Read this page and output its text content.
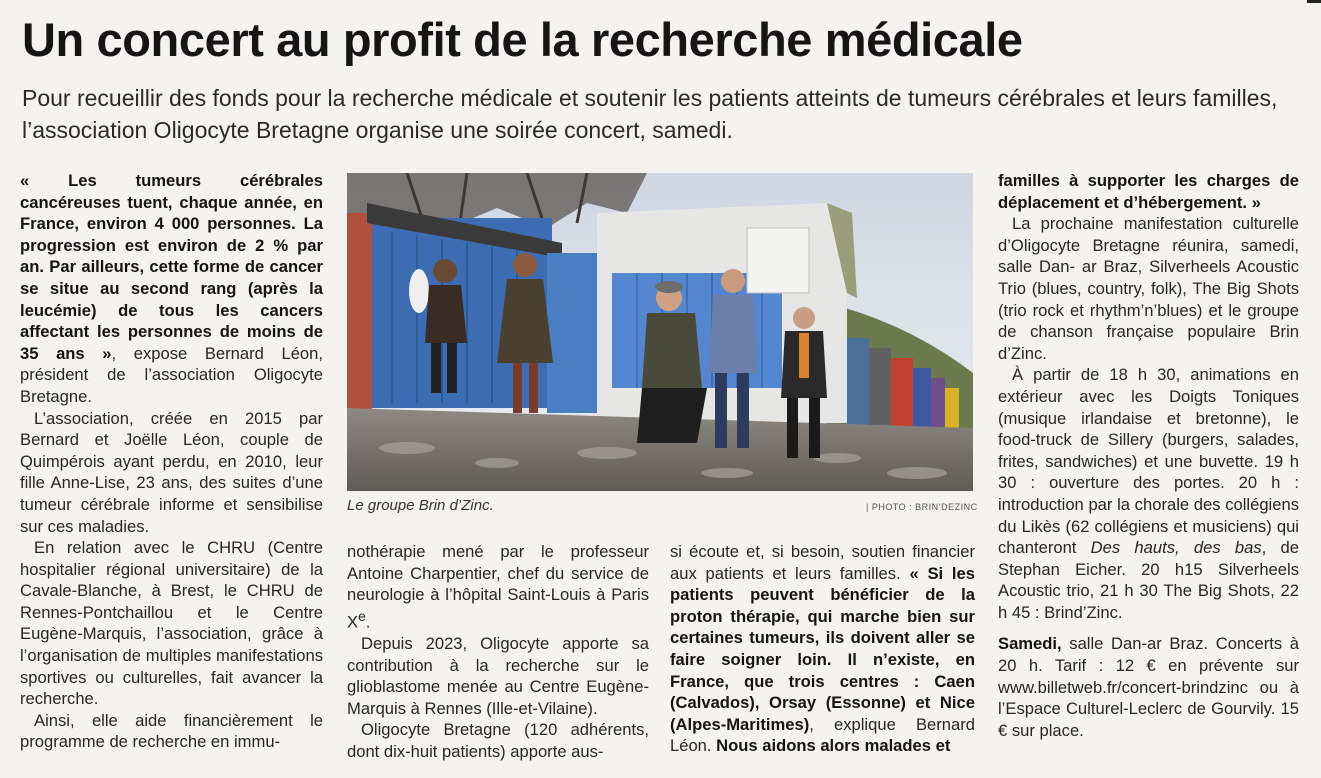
Un concert au profit de la recherche médicale

Pour recueillir des fonds pour la recherche médicale et soutenir les patients atteints de tumeurs cérébrales et leurs familles, l’association Oligocyte Bretagne organise une soirée concert, samedi.

« Les tumeurs cérébrales cancéreuses tuent, chaque année, en France, environ 4 000 personnes. La progression est environ de 2 % par an. Par ailleurs, cette forme de cancer se situe au second rang (après la leucémie) de tous les cancers affectant les personnes de moins de 35 ans », expose Bernard Léon, président de l’association Oligocyte Bretagne.

L’association, créée en 2015 par Bernard et Joëlle Léon, couple de Quimpérois ayant perdu, en 2010, leur fille Anne-Lise, 23 ans, des suites d’une tumeur cérébrale informe et sensibilise sur ces maladies.

En relation avec le CHRU (Centre hospitalier régional universitaire) de la Cavale-Blanche, à Brest, le CHRU de Rennes-Pontchaillou et le Centre Eugène-Marquis, l’association, grâce à l’organisation de multiples manifestations sportives ou culturelles, fait avancer la recherche.

Ainsi, elle aide financièrement le programme de recherche en immu-

Le groupe Brin d’Zinc.	| PHOTO : BRIN’DEZINC

nothérapie mené par le professeur Antoine Charpentier, chef du service de neurologie à l’hôpital Saint-Louis à Paris Xe.

Depuis 2023, Oligocyte apporte sa contribution à la recherche sur le glioblastome menée au Centre Eugène-Marquis à Rennes (Ille-et-Vilaine).

Oligocyte Bretagne (120 adhérents, dont dix-huit patients) apporte aus-

si écoute et, si besoin, soutien financier aux patients et leurs familles. « Si les patients peuvent bénéficier de la proton thérapie, qui marche bien sur certaines tumeurs, ils doivent aller se faire soigner loin. Il n’existe, en France, que trois centres : Caen (Calvados), Orsay (Essonne) et Nice (Alpes-Maritimes), explique Bernard Léon. Nous aidons alors malades et

familles à supporter les charges de déplacement et d’hébergement. »

La prochaine manifestation culturelle d’Oligocyte Bretagne réunira, samedi, salle Dan- ar Braz, Silverheels Acoustic Trio (blues, country, folk), The Big Shots (trio rock et rhythm’n’blues) et le groupe de chanson française populaire Brin d’Zinc.

À partir de 18 h 30, animations en extérieur avec les Doigts Toniques (musique irlandaise et bretonne), le food-truck de Sillery (burgers, salades, frites, sandwiches) et une buvette. 19 h 30 : ouverture des portes. 20 h : introduction par la chorale des collégiens du Likès (62 collégiens et musiciens) qui chanteront Des hauts, des bas, de Stephan Eicher. 20 h15 Silverheels Acoustic trio, 21 h 30 The Big Shots, 22 h 45 : Brind’Zinc.

Samedi, salle Dan-ar Braz. Concerts à 20 h. Tarif : 12 € en prévente sur www.billetweb.fr/concert-brindzinc ou à l’Espace Culturel-Leclerc de Gourvily. 15 € sur place.
